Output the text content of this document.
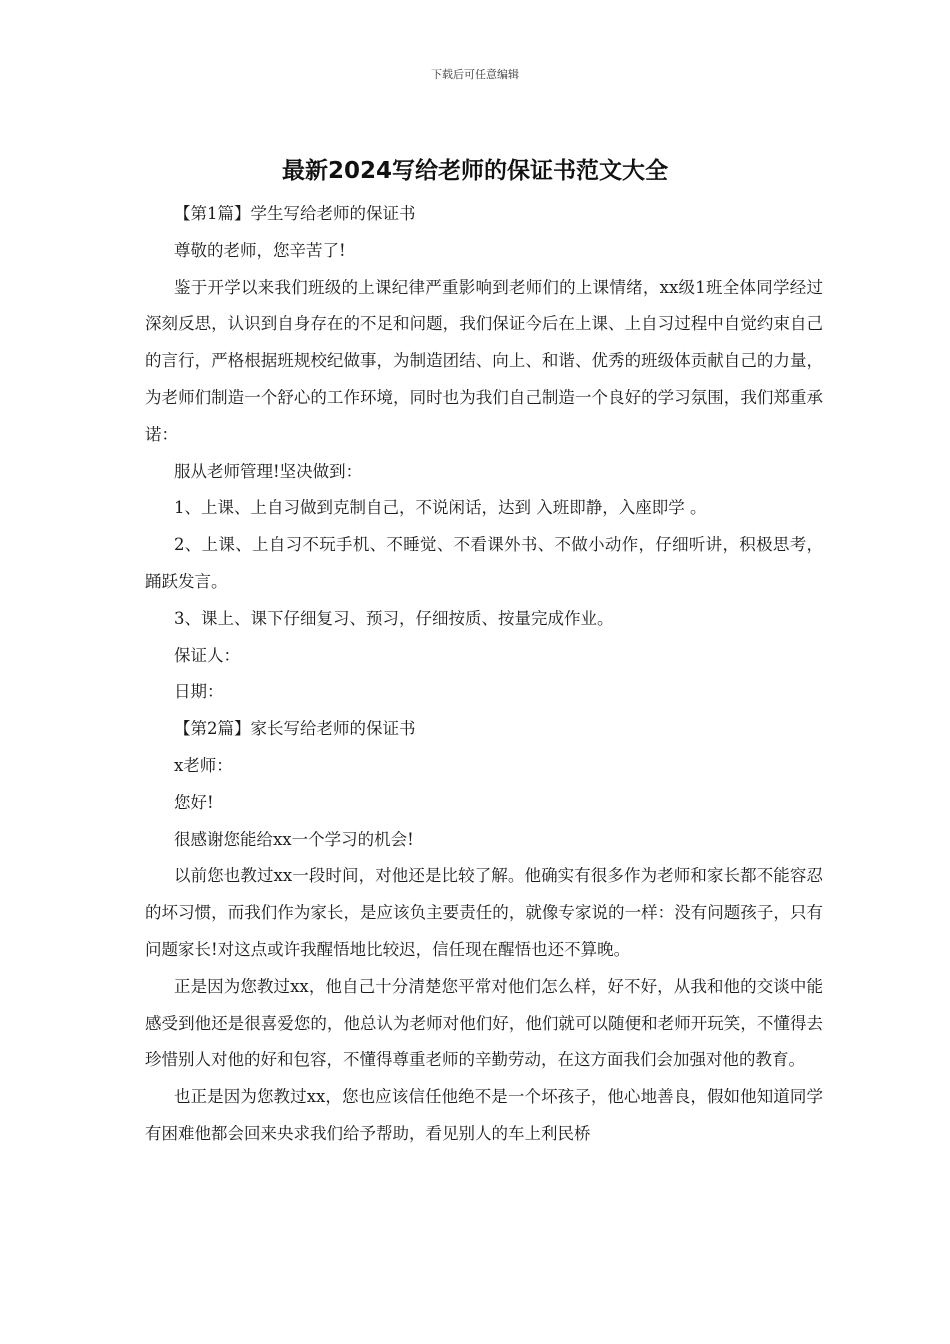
下载后可任意编辑
最新2024写给老师的保证书范文大全

【第1篇】学生写给老师的保证书

尊敬的老师，您辛苦了!

鉴于开学以来我们班级的上课纪律严重影响到老师们的上课情绪，xx级1班全体同学经过深刻反思，认识到自身存在的不足和问题，我们保证今后在上课、上自习过程中自觉约束自己的言行，严格根据班规校纪做事，为制造团结、向上、和谐、优秀的班级体贡献自己的力量，为老师们制造一个舒心的工作环境，同时也为我们自己制造一个良好的学习氛围，我们郑重承诺：

服从老师管理!坚决做到：

1、上课、上自习做到克制自己，不说闲话，达到 入班即静，入座即学 。

2、上课、上自习不玩手机、不睡觉、不看课外书、不做小动作，仔细听讲，积极思考，踊跃发言。

3、课上、课下仔细复习、预习，仔细按质、按量完成作业。

保证人：

日期：

【第2篇】家长写给老师的保证书

x老师：

您好!

很感谢您能给xx一个学习的机会!

以前您也教过xx一段时间，对他还是比较了解。他确实有很多作为老师和家长都不能容忍的坏习惯，而我们作为家长，是应该负主要责任的，就像专家说的一样：没有问题孩子，只有问题家长!对这点或许我醒悟地比较迟，信任现在醒悟也还不算晚。

正是因为您教过xx，他自己十分清楚您平常对他们怎么样，好不好，从我和他的交谈中能感受到他还是很喜爱您的，他总认为老师对他们好，他们就可以随便和老师开玩笑，不懂得去珍惜别人对他的好和包容，不懂得尊重老师的辛勤劳动，在这方面我们会加强对他的教育。

也正是因为您教过xx，您也应该信任他绝不是一个坏孩子，他心地善良，假如他知道同学有困难他都会回来央求我们给予帮助，看见别人的车上利民桥
